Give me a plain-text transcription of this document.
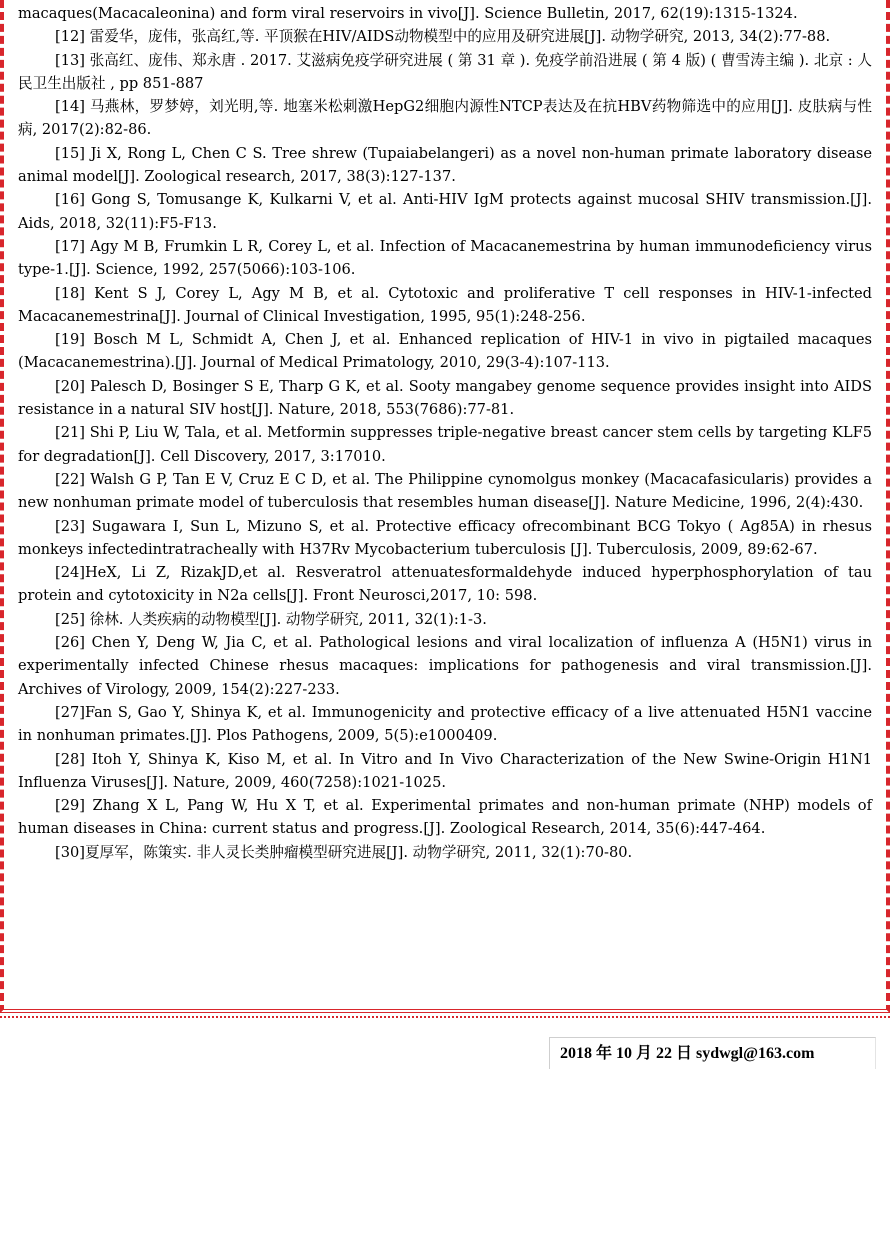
macaques(Macacaleonina) and form viral reservoirs in vivo[J]. Science Bulletin, 2017, 62(19):1315-1324.

[12] 雷爱华，庞伟，张高红,等. 平顶猴在HIV/AIDS动物模型中的应用及研究进展[J]. 动物学研究, 2013, 34(2):77-88.

[13] 张高红、庞伟、郑永唐 . 2017. 艾滋病免疫学研究进展 ( 第 31 章 ). 免疫学前沿进展 ( 第 4 版) ( 曹雪涛主编 ). 北京 : 人民卫生出版社 , pp 851-887

[14] 马燕林，罗梦婷，刘光明,等. 地塞米松刺激HepG2细胞内源性NTCP表达及在抗HBV药物筛选中的应用[J]. 皮肤病与性病, 2017(2):82-86.

[15] Ji X, Rong L, Chen C S. Tree shrew (Tupaiabelangeri) as a novel non-human primate laboratory disease animal model[J]. Zoological research, 2017, 38(3):127-137.

[16] Gong S, Tomusange K, Kulkarni V, et al. Anti-HIV IgM protects against mucosal SHIV transmission.[J]. Aids, 2018, 32(11):F5-F13.

[17] Agy M B, Frumkin L R, Corey L, et al. Infection of Macacanemestrina by human immunodeficiency virus type-1.[J]. Science, 1992, 257(5066):103-106.

[18] Kent S J, Corey L, Agy M B, et al. Cytotoxic and proliferative T cell responses in HIV-1-infected Macacanemestrina[J]. Journal of Clinical Investigation, 1995, 95(1):248-256.

[19] Bosch M L, Schmidt A, Chen J, et al. Enhanced replication of HIV-1 in vivo in pigtailed macaques (Macacanemestrina).[J]. Journal of Medical Primatology, 2010, 29(3-4):107-113.

[20] Palesch D, Bosinger S E, Tharp G K, et al. Sooty mangabey genome sequence provides insight into AIDS resistance in a natural SIV host[J]. Nature, 2018, 553(7686):77-81.

[21] Shi P, Liu W, Tala, et al. Metformin suppresses triple-negative breast cancer stem cells by targeting KLF5 for degradation[J]. Cell Discovery, 2017, 3:17010.

[22] Walsh G P, Tan E V, Cruz E C D, et al. The Philippine cynomolgus monkey (Macacafasicularis) provides a new nonhuman primate model of tuberculosis that resembles human disease[J]. Nature Medicine, 1996, 2(4):430.

[23] Sugawara I, Sun L, Mizuno S, et al. Protective efficacy ofrecombinant BCG Tokyo ( Ag85A) in rhesus monkeys infectedintratracheally with H37Rv Mycobacterium tuberculosis [J]. Tuberculosis, 2009, 89:62-67.

[24]HeX, Li Z, RizakJD,et al. Resveratrol attenuatesformaldehyde induced hyperphosphorylation of tau protein and cytotoxicity in N2a cells[J]. Front Neurosci,2017, 10: 598.

[25] 徐林. 人类疾病的动物模型[J]. 动物学研究, 2011, 32(1):1-3.

[26] Chen Y, Deng W, Jia C, et al. Pathological lesions and viral localization of influenza A (H5N1) virus in experimentally infected Chinese rhesus macaques: implications for pathogenesis and viral transmission.[J]. Archives of Virology, 2009, 154(2):227-233.

[27]Fan S, Gao Y, Shinya K, et al. Immunogenicity and protective efficacy of a live attenuated H5N1 vaccine in nonhuman primates.[J]. Plos Pathogens, 2009, 5(5):e1000409.

[28] Itoh Y, Shinya K, Kiso M, et al. In Vitro and In Vivo Characterization of the New Swine-Origin H1N1 Influenza Viruses[J]. Nature, 2009, 460(7258):1021-1025.

[29] Zhang X L, Pang W, Hu X T, et al. Experimental primates and non-human primate (NHP) models of human diseases in China: current status and progress.[J]. Zoological Research, 2014, 35(6):447-464.

[30]夏厚军，陈策实. 非人灵长类肿瘤模型研究进展[J]. 动物学研究, 2011, 32(1):70-80.

2018 年 10 月 22 日 sydwgl@163.com
